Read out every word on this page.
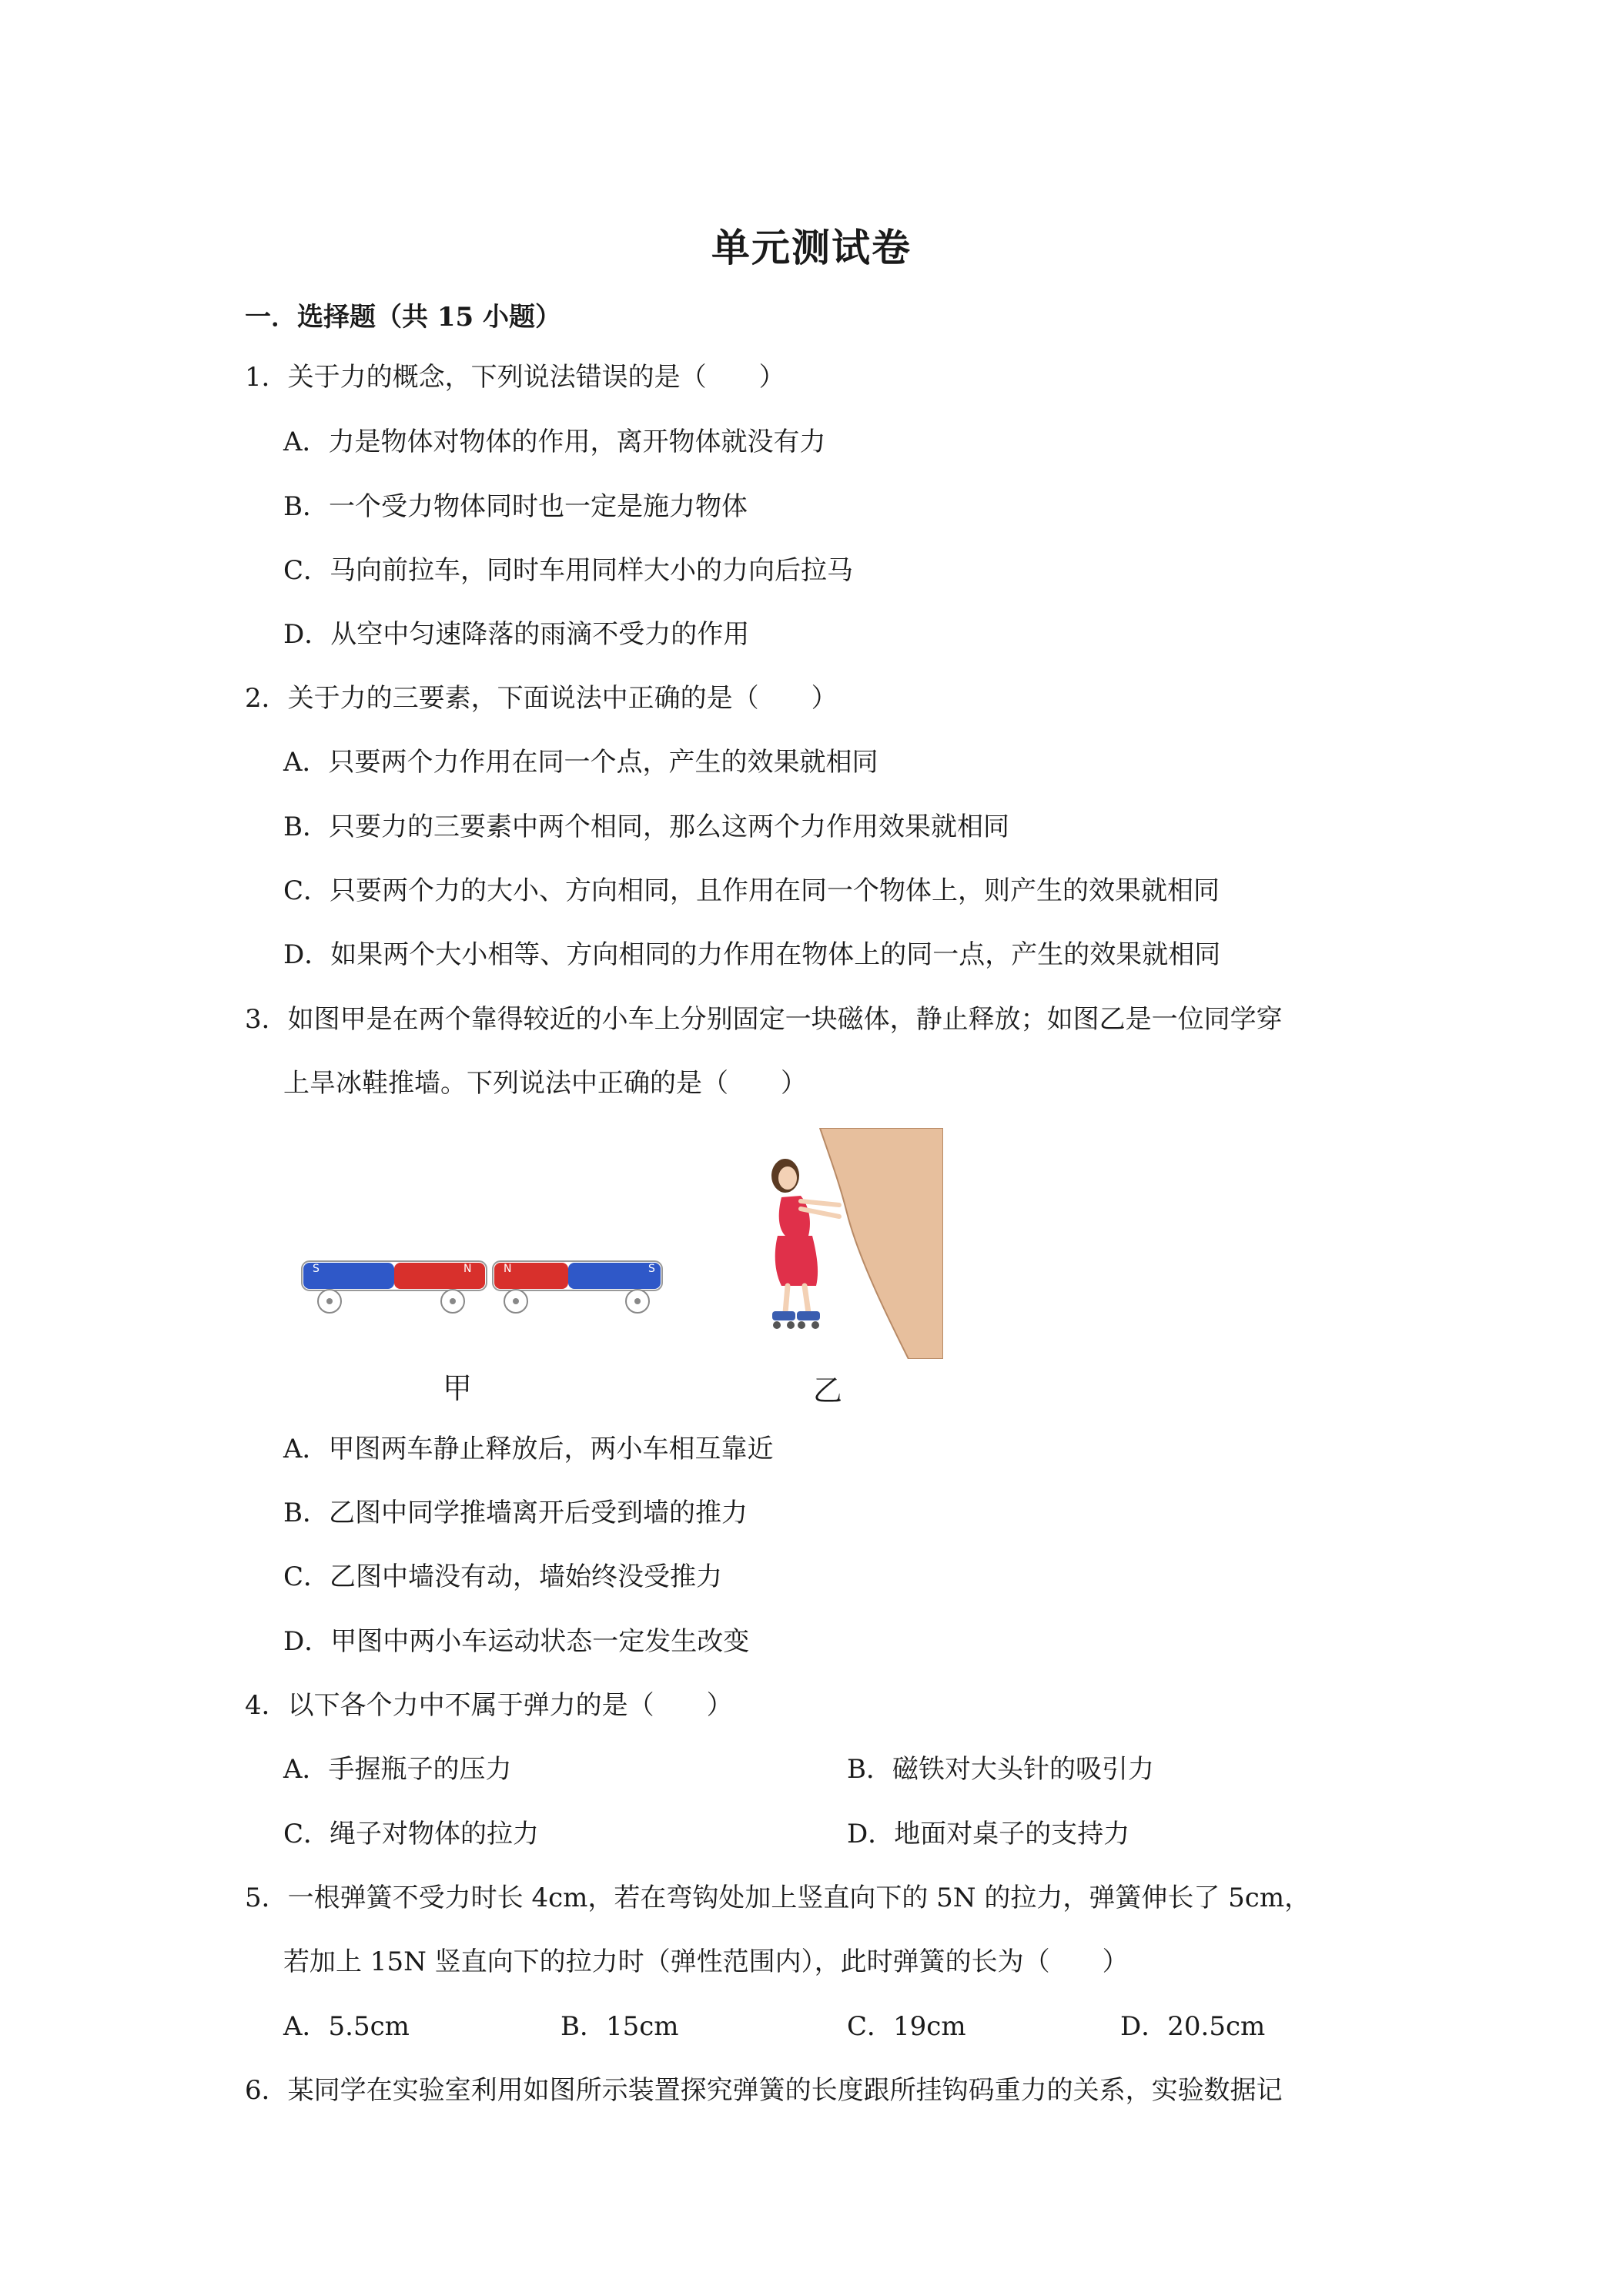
单元测试卷
一．选择题（共 15 小题）
1．关于力的概念，下列说法错误的是（　　）
A．力是物体对物体的作用，离开物体就没有力
B．一个受力物体同时也一定是施力物体
C．马向前拉车，同时车用同样大小的力向后拉马
D．从空中匀速降落的雨滴不受力的作用
2．关于力的三要素，下面说法中正确的是（　　）
A．只要两个力作用在同一个点，产生的效果就相同
B．只要力的三要素中两个相同，那么这两个力作用效果就相同
C．只要两个力的大小、方向相同，且作用在同一个物体上，则产生的效果就相同
D．如果两个大小相等、方向相同的力作用在物体上的同一点，产生的效果就相同
3．如图甲是在两个靠得较近的小车上分别固定一块磁体，静止释放；如图乙是一位同学穿
上旱冰鞋推墙。下列说法中正确的是（　　）
S	N	N	S
甲	乙
A．甲图两车静止释放后，两小车相互靠近
B．乙图中同学推墙离开后受到墙的推力
C．乙图中墙没有动，墙始终没受推力
D．甲图中两小车运动状态一定发生改变
4．以下各个力中不属于弹力的是（　　）
A．手握瓶子的压力	B．磁铁对大头针的吸引力
C．绳子对物体的拉力	D．地面对桌子的支持力
5．一根弹簧不受力时长 4cm，若在弯钩处加上竖直向下的 5N 的拉力，弹簧伸长了 5cm，
若加上 15N 竖直向下的拉力时（弹性范围内），此时弹簧的长为（　　）
A．5.5cm	B．15cm	C．19cm	D．20.5cm
6．某同学在实验室利用如图所示装置探究弹簧的长度跟所挂钩码重力的关系，实验数据记
